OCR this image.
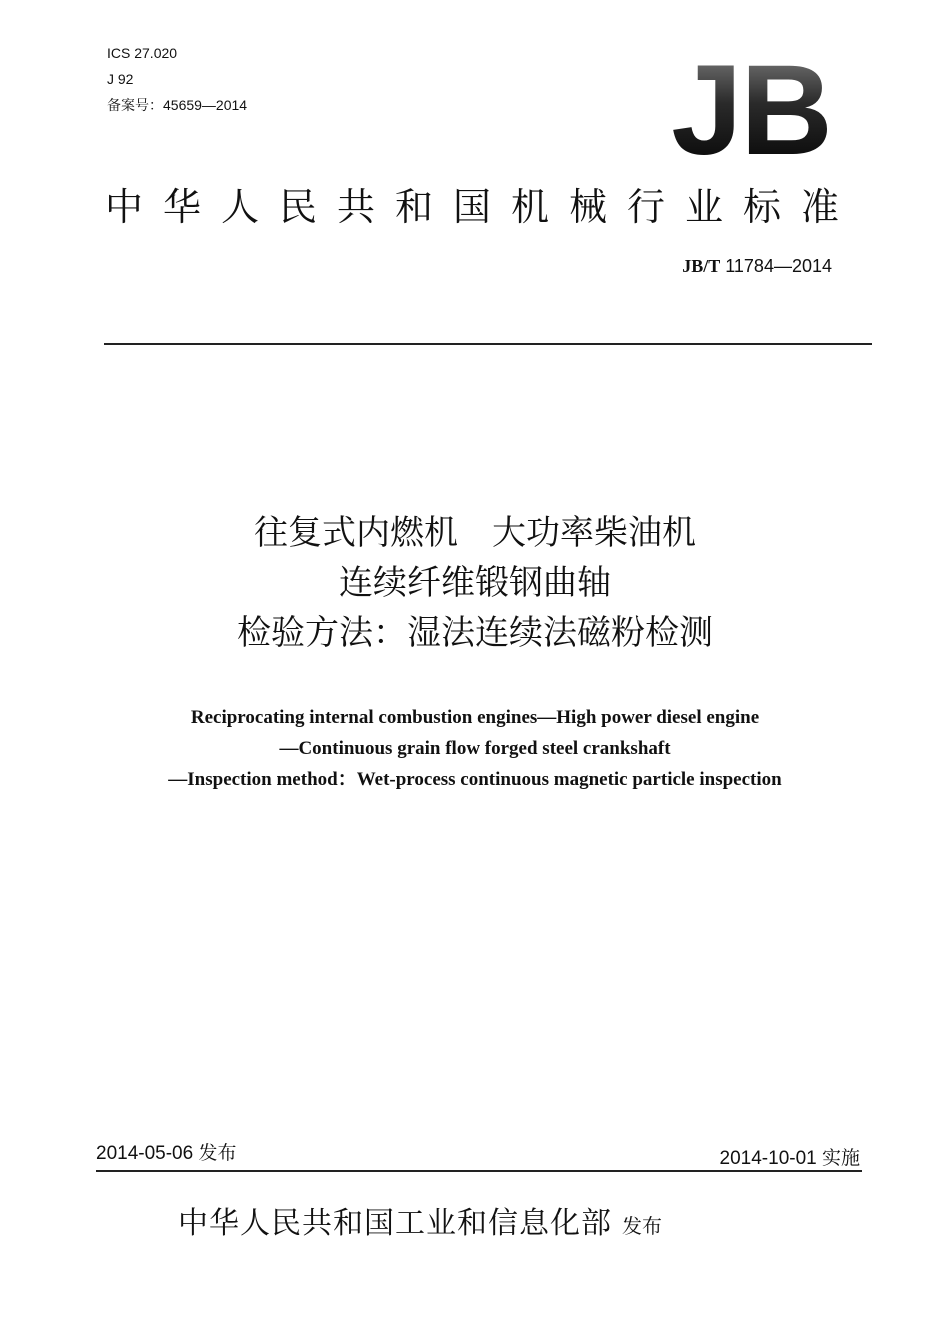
ICS 27.020
J 92
备案号：45659—2014	JB
中华人民共和国机械行业标准
JB/T 11784—2014
往复式内燃机　大功率柴油机
连续纤维锻钢曲轴
检验方法：湿法连续法磁粉检测
Reciprocating internal combustion engines—High power diesel engine
—Continuous grain flow forged steel crankshaft
—Inspection method：Wet-process continuous magnetic particle inspection
2014-05-06 发布	2014-10-01 实施
中华人民共和国工业和信息化部 发布
